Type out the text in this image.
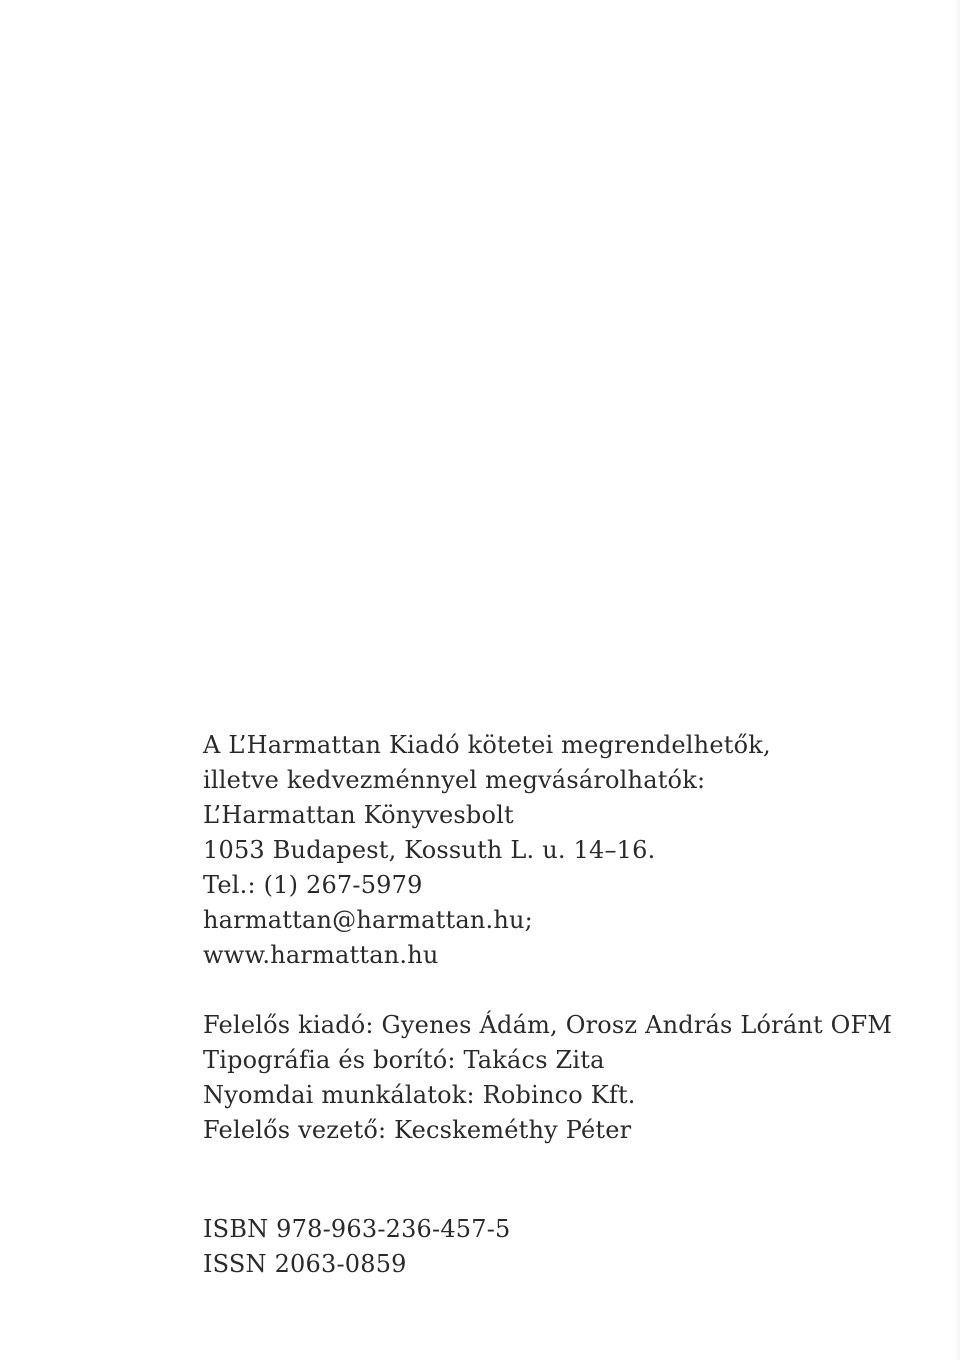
A L’Harmattan Kiadó kötetei megrendelhetők,
illetve kedvezménnyel megvásárolhatók:
L’Harmattan Könyvesbolt
1053 Budapest, Kossuth L. u. 14–16.
Tel.: (1) 267-5979
harmattan@harmattan.hu;
www.harmattan.hu
Felelős kiadó: Gyenes Ádám, Orosz András Lóránt OFM
Tipográfia és borító: Takács Zita
Nyomdai munkálatok: Robinco Kft.
Felelős vezető: Kecskeméthy Péter
ISBN 978-963-236-457-5
ISSN 2063-0859
